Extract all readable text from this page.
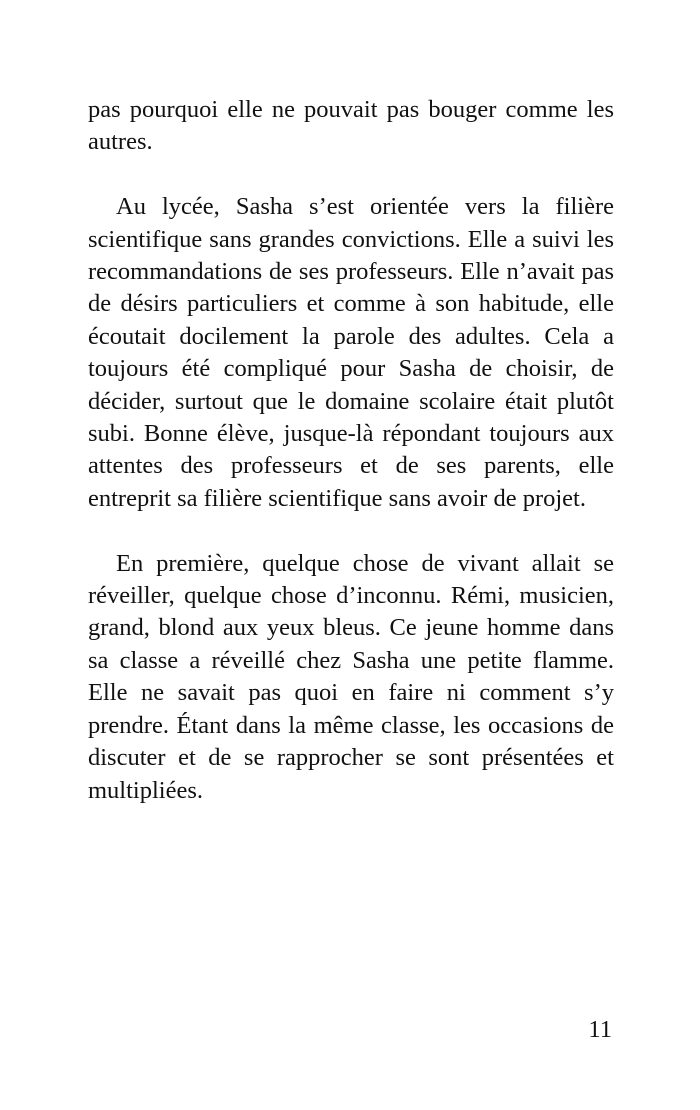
pas pourquoi elle ne pouvait pas bouger comme les autres.

Au lycée, Sasha s’est orientée vers la filière scientifique sans grandes convictions. Elle a suivi les recommandations de ses professeurs. Elle n’avait pas de désirs particuliers et comme à son habitude, elle écoutait docilement la parole des adultes. Cela a toujours été compliqué pour Sasha de choisir, de décider, surtout que le domaine scolaire était plutôt subi. Bonne élève, jusque-là répondant toujours aux attentes des professeurs et de ses parents, elle entreprit sa filière scientifique sans avoir de projet.

En première, quelque chose de vivant allait se réveiller, quelque chose d’inconnu. Rémi, musicien, grand, blond aux yeux bleus. Ce jeune homme dans sa classe a réveillé chez Sasha une petite flamme. Elle ne savait pas quoi en faire ni comment s’y prendre. Étant dans la même classe, les occasions de discuter et de se rapprocher se sont présentées et multipliées.

11
